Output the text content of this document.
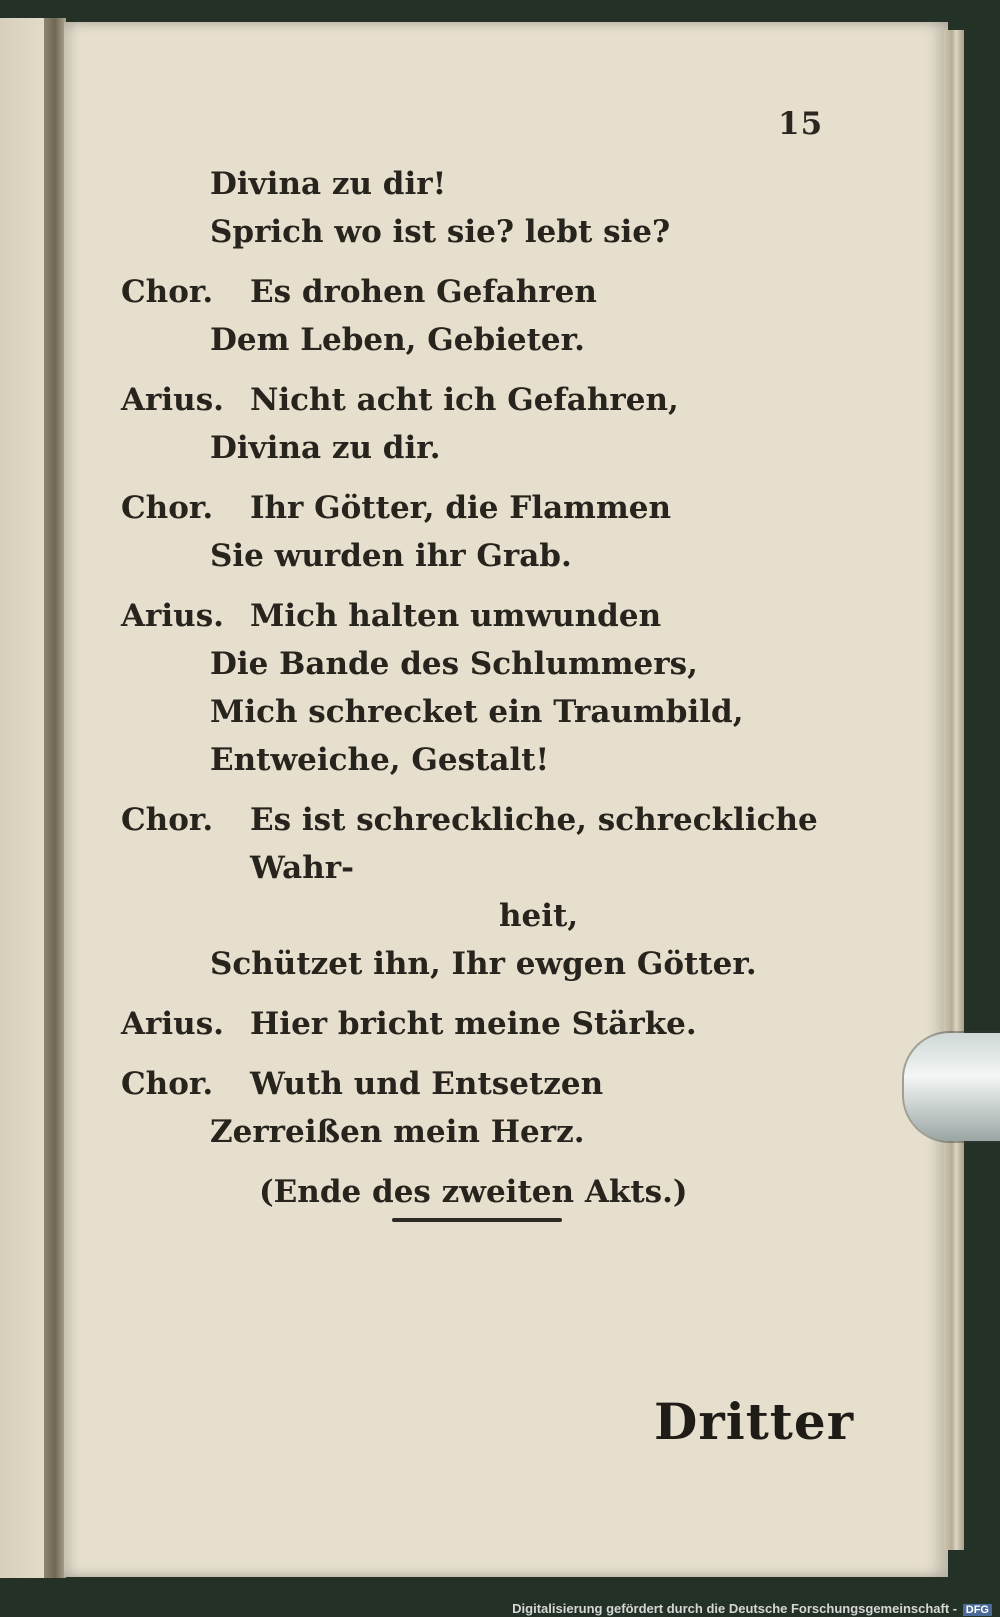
15
Divina zu dir!
Sprich wo ist sie? lebt sie?
Chor.	Es drohen Gefahren
Dem Leben, Gebieter.
Arius. Nicht acht ich Gefahren,
Divina zu dir.
Chor.	Ihr Götter, die Flammen
Sie wurden ihr Grab.
Arius. Mich halten umwunden
Die Bande des Schlummers,
Mich schrecket ein Traumbild,
Entweiche, Gestalt!
Chor.	Es ist schreckliche, schreckliche Wahr-
heit,
Schützet ihn, Ihr ewgen Götter.
Arius. Hier bricht meine Stärke.
Chor.	Wuth und Entsetzen
Zerreißen mein Herz.
(Ende des zweiten Akts.)
Dritter
Digitalisierung gefördert durch die Deutsche Forschungsgemeinschaft - DFG
